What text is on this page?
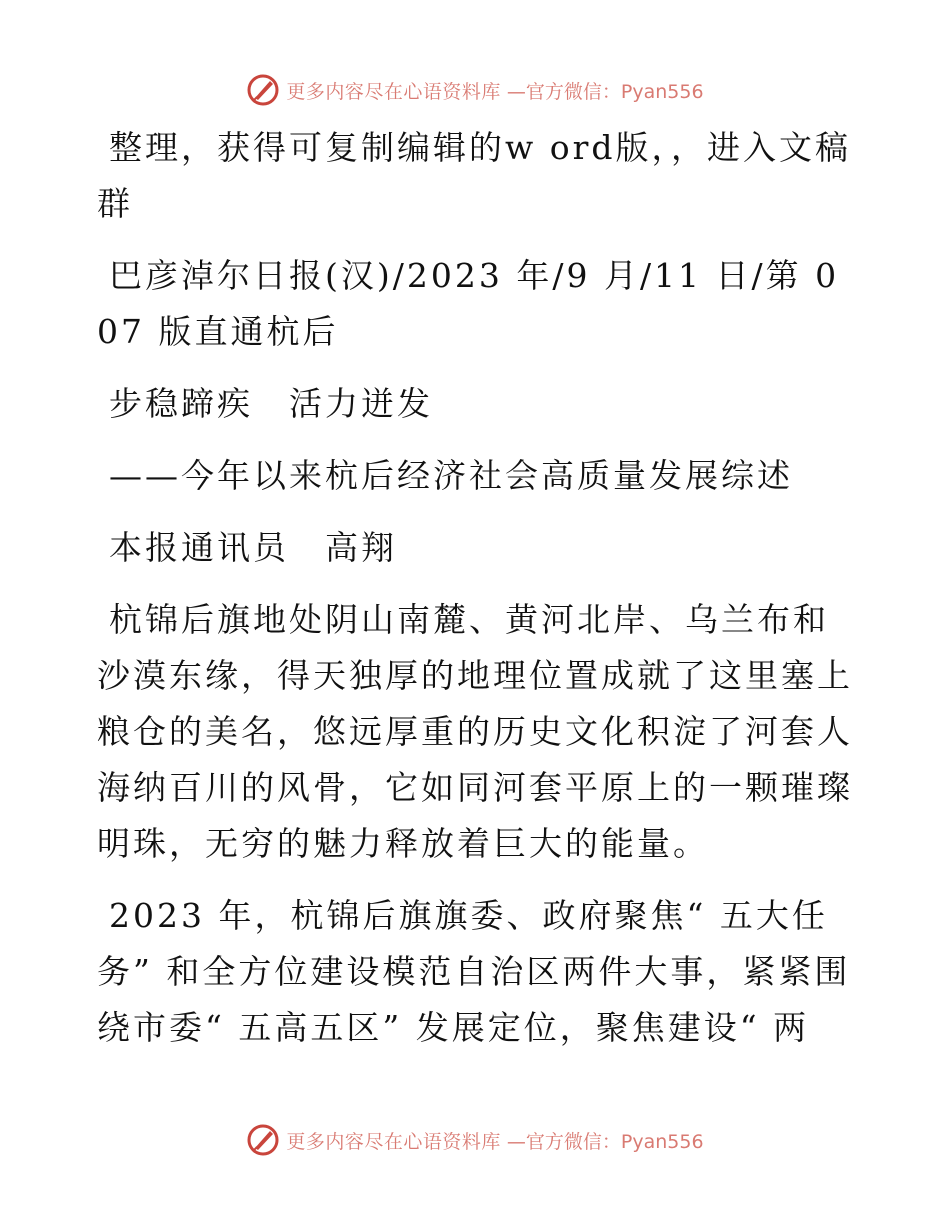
更多内容尽在心语资料库 —官方微信：Pyan556

整理，获得可复制编辑的w ord版，，进入文稿群

巴彦淖尔日报(汉)/2023 年/9 月/11 日/第 007 版直通杭后

步稳蹄疾　活力迸发

——今年以来杭后经济社会高质量发展综述

本报通讯员　高翔

杭锦后旗地处阴山南麓、黄河北岸、乌兰布和沙漠东缘，得天独厚的地理位置成就了这里塞上粮仓的美名，悠远厚重的历史文化积淀了河套人海纳百川的风骨，它如同河套平原上的一颗璀璨明珠，无穷的魅力释放着巨大的能量。

2023 年，杭锦后旗旗委、政府聚焦“ 五大任务” 和全方位建设模范自治区两件大事，紧紧围绕市委“ 五高五区” 发展定位，聚焦建设“ 两

更多内容尽在心语资料库 —官方微信：Pyan556
